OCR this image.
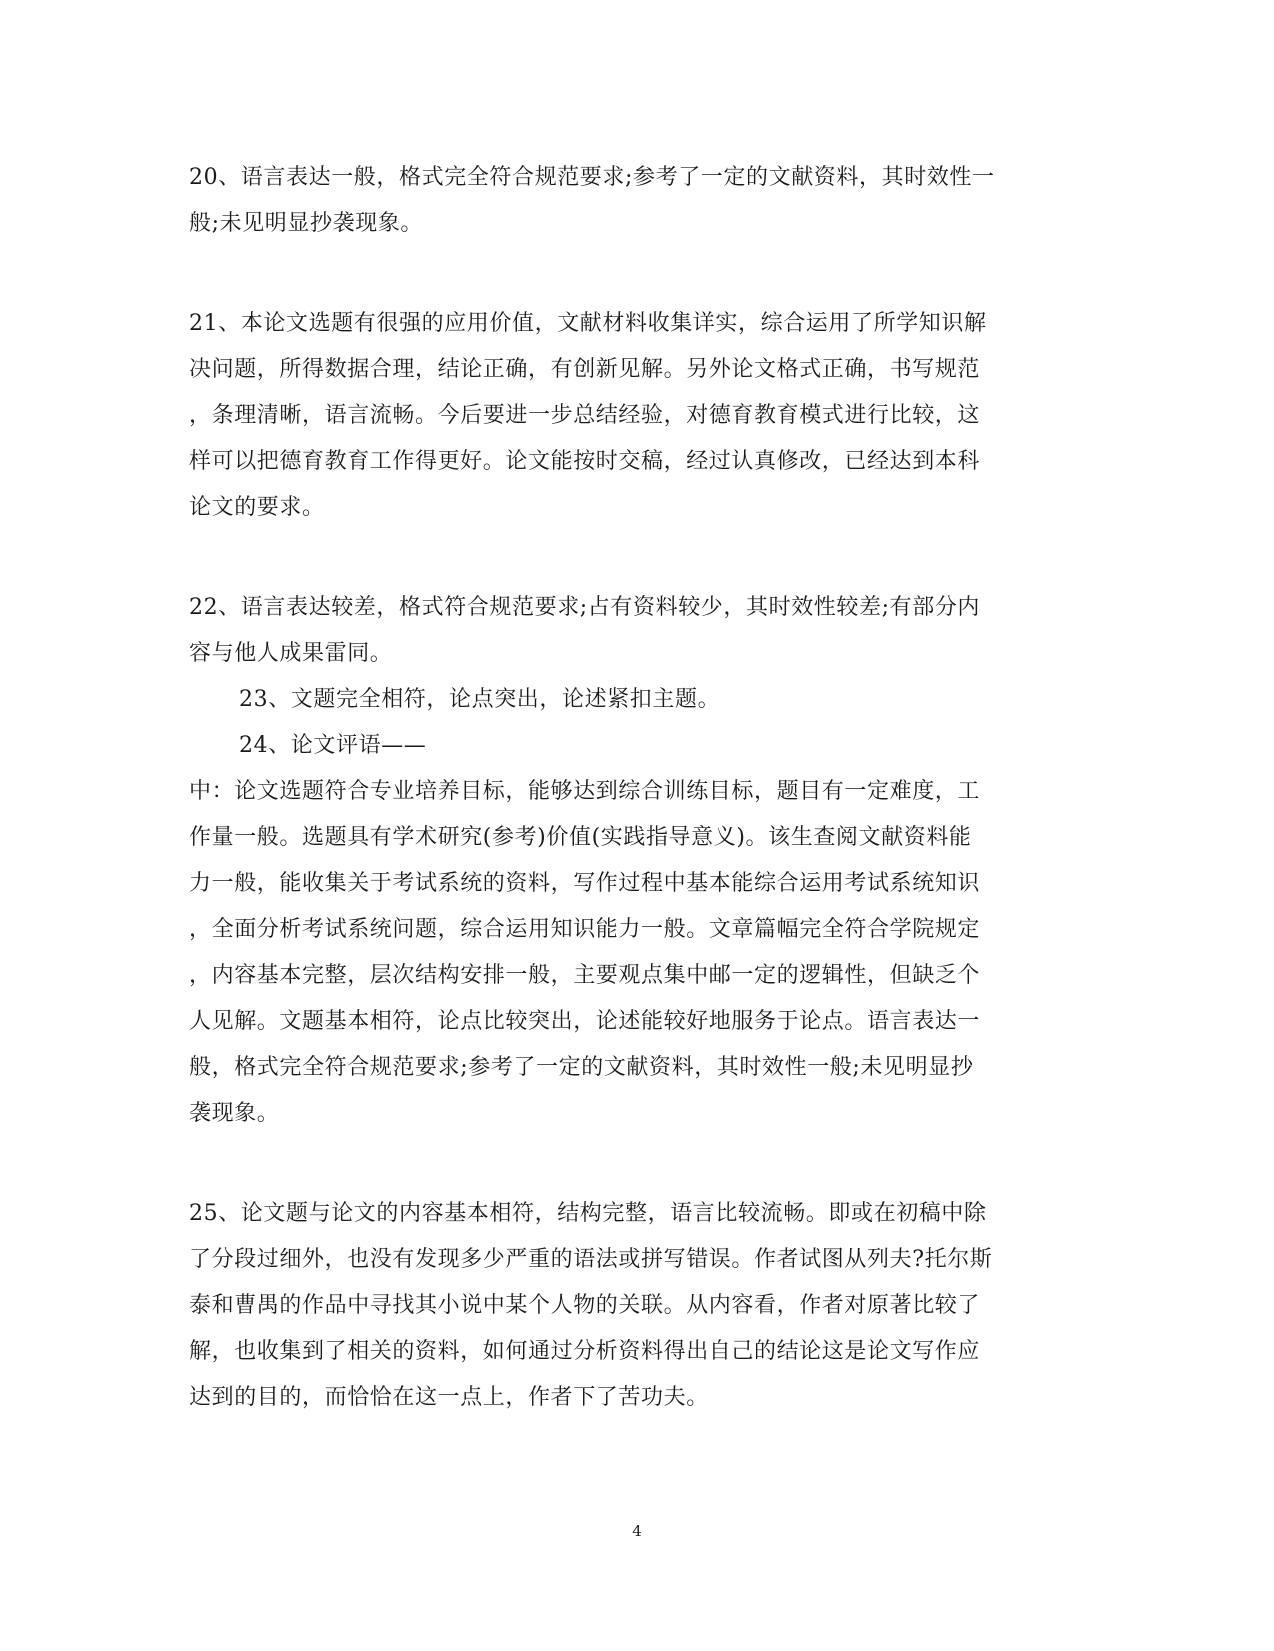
20、语言表达一般，格式完全符合规范要求;参考了一定的文献资料，其时效性一
般;未见明显抄袭现象。
21、本论文选题有很强的应用价值，文献材料收集详实，综合运用了所学知识解
决问题，所得数据合理，结论正确，有创新见解。另外论文格式正确，书写规范
，条理清晰，语言流畅。今后要进一步总结经验，对德育教育模式进行比较，这
样可以把德育教育工作得更好。论文能按时交稿，经过认真修改，已经达到本科
论文的要求。
22、语言表达较差，格式符合规范要求;占有资料较少，其时效性较差;有部分内
容与他人成果雷同。
23、文题完全相符，论点突出，论述紧扣主题。
24、论文评语——
中：论文选题符合专业培养目标，能够达到综合训练目标，题目有一定难度，工
作量一般。选题具有学术研究(参考)价值(实践指导意义)。该生查阅文献资料能
力一般，能收集关于考试系统的资料，写作过程中基本能综合运用考试系统知识
，全面分析考试系统问题，综合运用知识能力一般。文章篇幅完全符合学院规定
，内容基本完整，层次结构安排一般，主要观点集中邮一定的逻辑性，但缺乏个
人见解。文题基本相符，论点比较突出，论述能较好地服务于论点。语言表达一
般，格式完全符合规范要求;参考了一定的文献资料，其时效性一般;未见明显抄
袭现象。
25、论文题与论文的内容基本相符，结构完整，语言比较流畅。即或在初稿中除
了分段过细外，也没有发现多少严重的语法或拼写错误。作者试图从列夫?托尔斯
泰和曹禺的作品中寻找其小说中某个人物的关联。从内容看，作者对原著比较了
解，也收集到了相关的资料，如何通过分析资料得出自己的结论这是论文写作应
达到的目的，而恰恰在这一点上，作者下了苦功夫。
4
